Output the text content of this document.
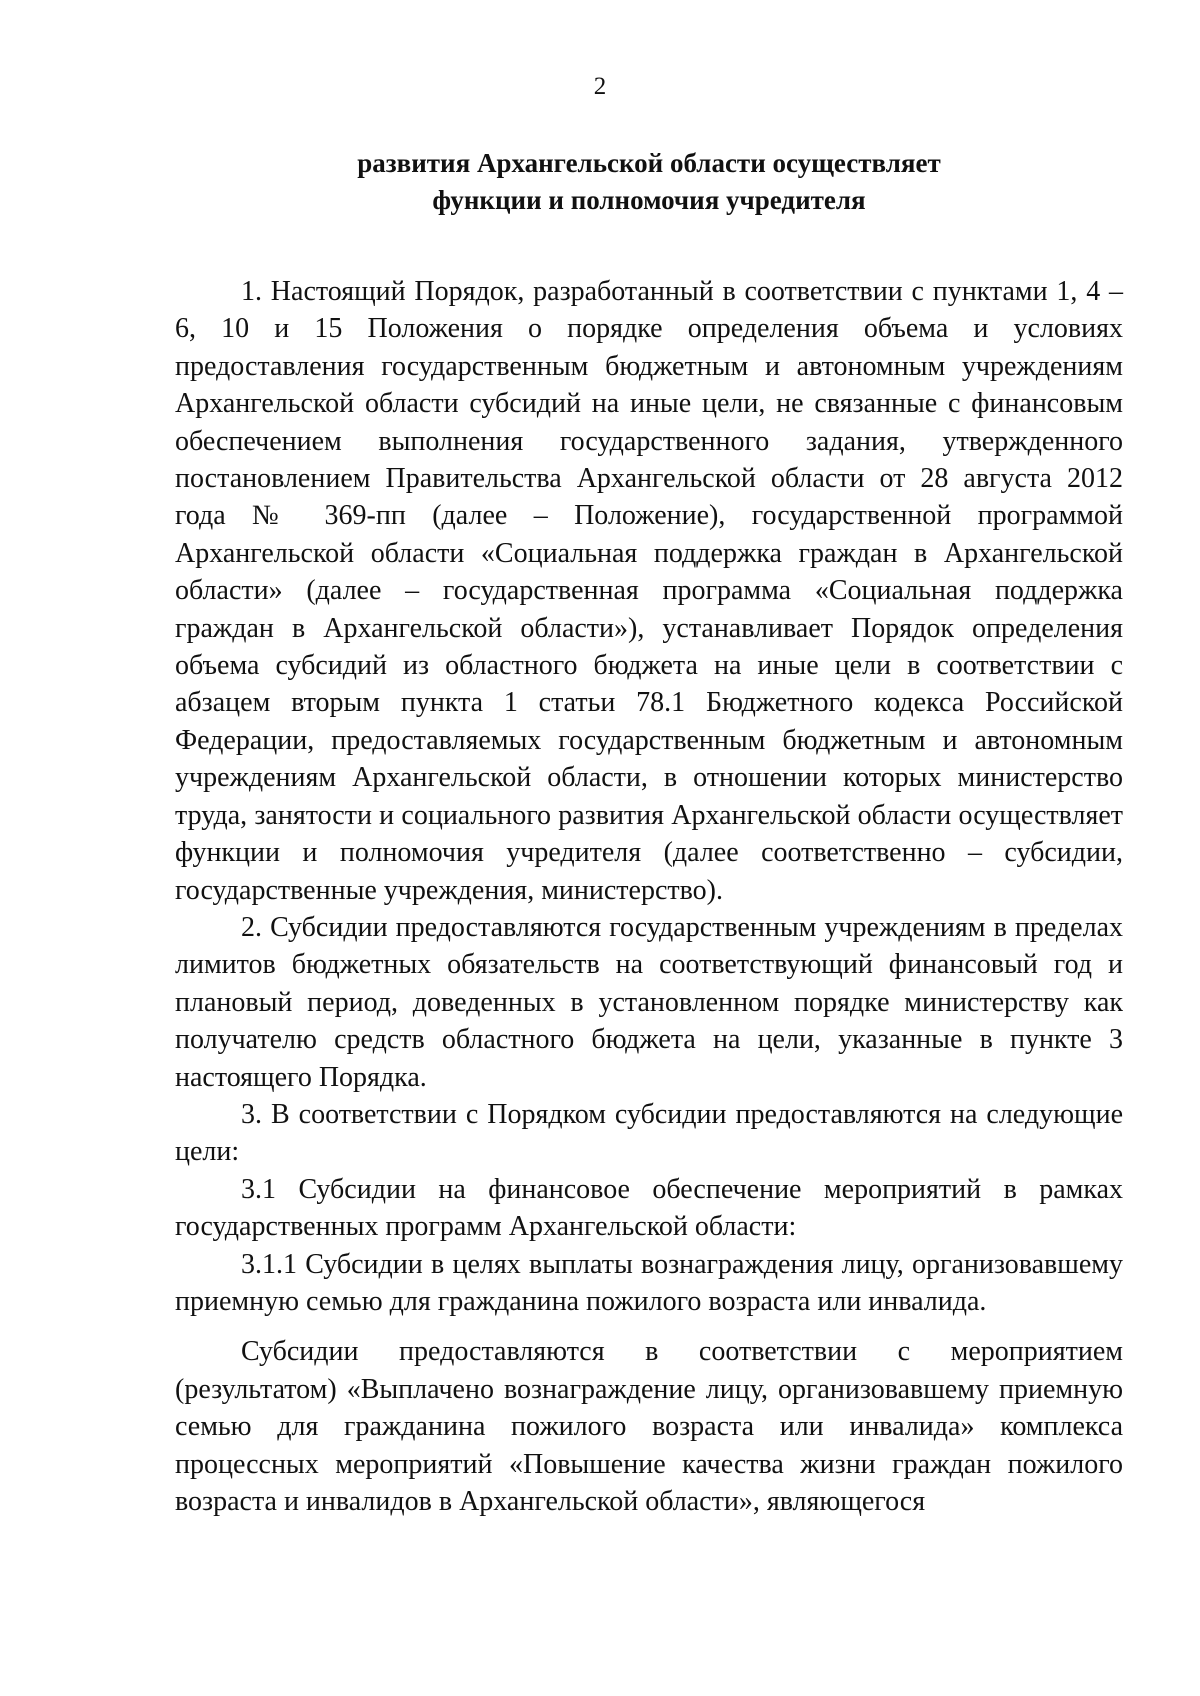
2
развития Архангельской области осуществляет
функции и полномочия учредителя

1. Настоящий Порядок, разработанный в соответствии с пунктами 1, 4 – 6, 10 и 15 Положения о порядке определения объема и условиях предоставления государственным бюджетным и автономным учреждениям Архангельской области субсидий на иные цели, не связанные с финансовым обеспечением выполнения государственного задания, утвержденного постановлением Правительства Архангельской области от 28 августа 2012 года № 369-пп (далее – Положение), государственной программой Архангельской области «Социальная поддержка граждан в Архангельской области» (далее – государственная программа «Социальная поддержка граждан в Архангельской области»), устанавливает Порядок определения объема субсидий из областного бюджета на иные цели в соответствии с абзацем вторым пункта 1 статьи 78.1 Бюджетного кодекса Российской Федерации, предоставляемых государственным бюджетным и автономным учреждениям Архангельской области, в отношении которых министерство труда, занятости и социального развития Архангельской области осуществляет функции и полномочия учредителя (далее соответственно – субсидии, государственные учреждения, министерство).

2. Субсидии предоставляются государственным учреждениям в пределах лимитов бюджетных обязательств на соответствующий финансовый год и плановый период, доведенных в установленном порядке министерству как получателю средств областного бюджета на цели, указанные в пункте 3 настоящего Порядка.

3. В соответствии с Порядком субсидии предоставляются на следующие цели:

3.1 Субсидии на финансовое обеспечение мероприятий в рамках государственных программ Архангельской области:

3.1.1 Субсидии в целях выплаты вознаграждения лицу, организовавшему приемную семью для гражданина пожилого возраста или инвалида.

Субсидии предоставляются в соответствии с мероприятием (результатом) «Выплачено вознаграждение лицу, организовавшему приемную семью для гражданина пожилого возраста или инвалида» комплекса процессных мероприятий «Повышение качества жизни граждан пожилого возраста и инвалидов в Архангельской области», являющегося
